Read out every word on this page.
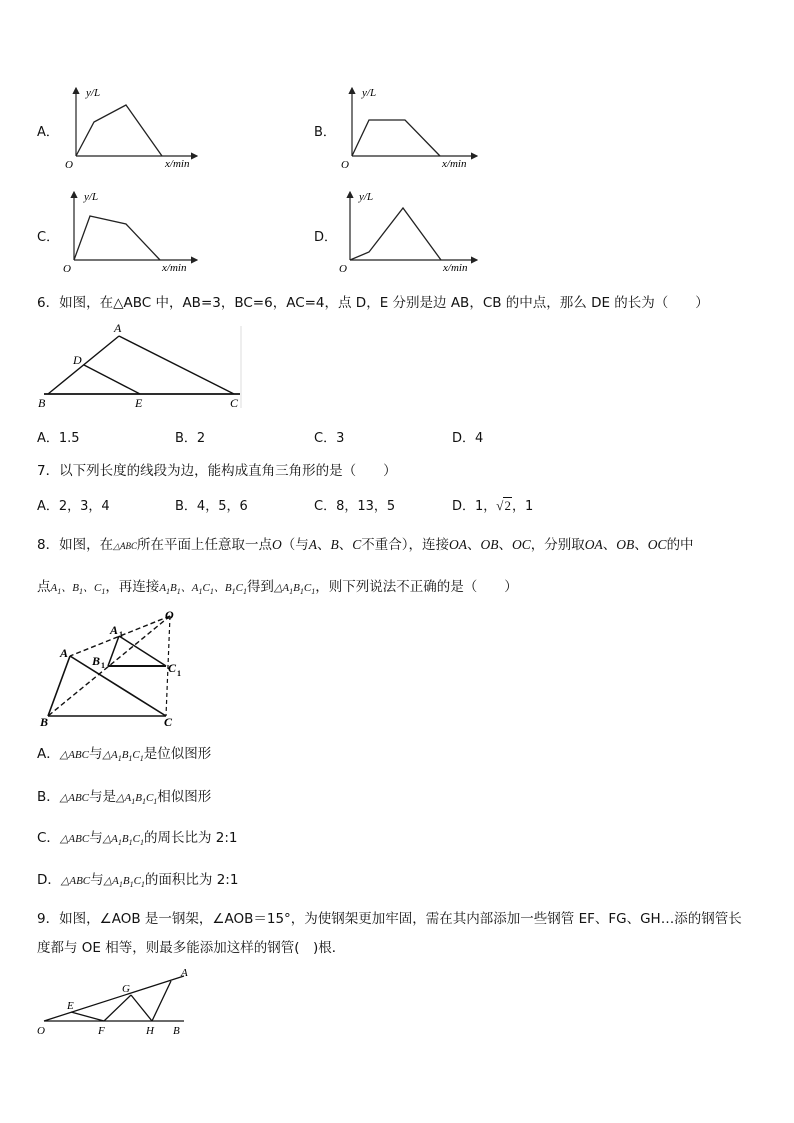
A．
y/L
x/min
O
B．
y/L
x/min
O
C．
y/L
x/min
O
D．
y/L
x/min
O
6．如图，在△ABC 中，AB=3，BC=6，AC=4，点 D，E 分别是边 AB，CB 的中点，那么 DE 的长为（　　）
A
D
B	E	C
A．1.5	B．2	C．3	D．4
7．以下列长度的线段为边，能构成直角三角形的是（　　）
A．2，3，4	B．4，5，6	C．8，13，5	D．1，√2，1
8．如图，在△ABC所在平面上任意取一点O（与A、B、C不重合），连接OA、OB、OC，分别取OA、OB、OC的中
点$A_1$、$B_1$、$C_1$，再连接$A_1B_1$、$A_1C_1$、$B_1C_1$得到$\triangle A_1B_1C_1$，则下列说法不正确的是（　　）
O
A 1
A
B 1	C 1
B	C
A．△ABC与$\triangle A_1B_1C_1$是位似图形
B．△ABC与是$\triangle A_1B_1C_1$相似图形
C．△ABC与$\triangle A_1B_1C_1$的周长比为 2:1
D．△ABC与$\triangle A_1B_1C_1$的面积比为 2:1
9．如图，∠AOB 是一钢架，∠AOB＝15°，为使钢架更加牢固，需在其内部添加一些钢管 EF、FG、GH…添的钢管长
度都与 OE 相等，则最多能添加这样的钢管(　)根．
A
E
G
O	F	H B
